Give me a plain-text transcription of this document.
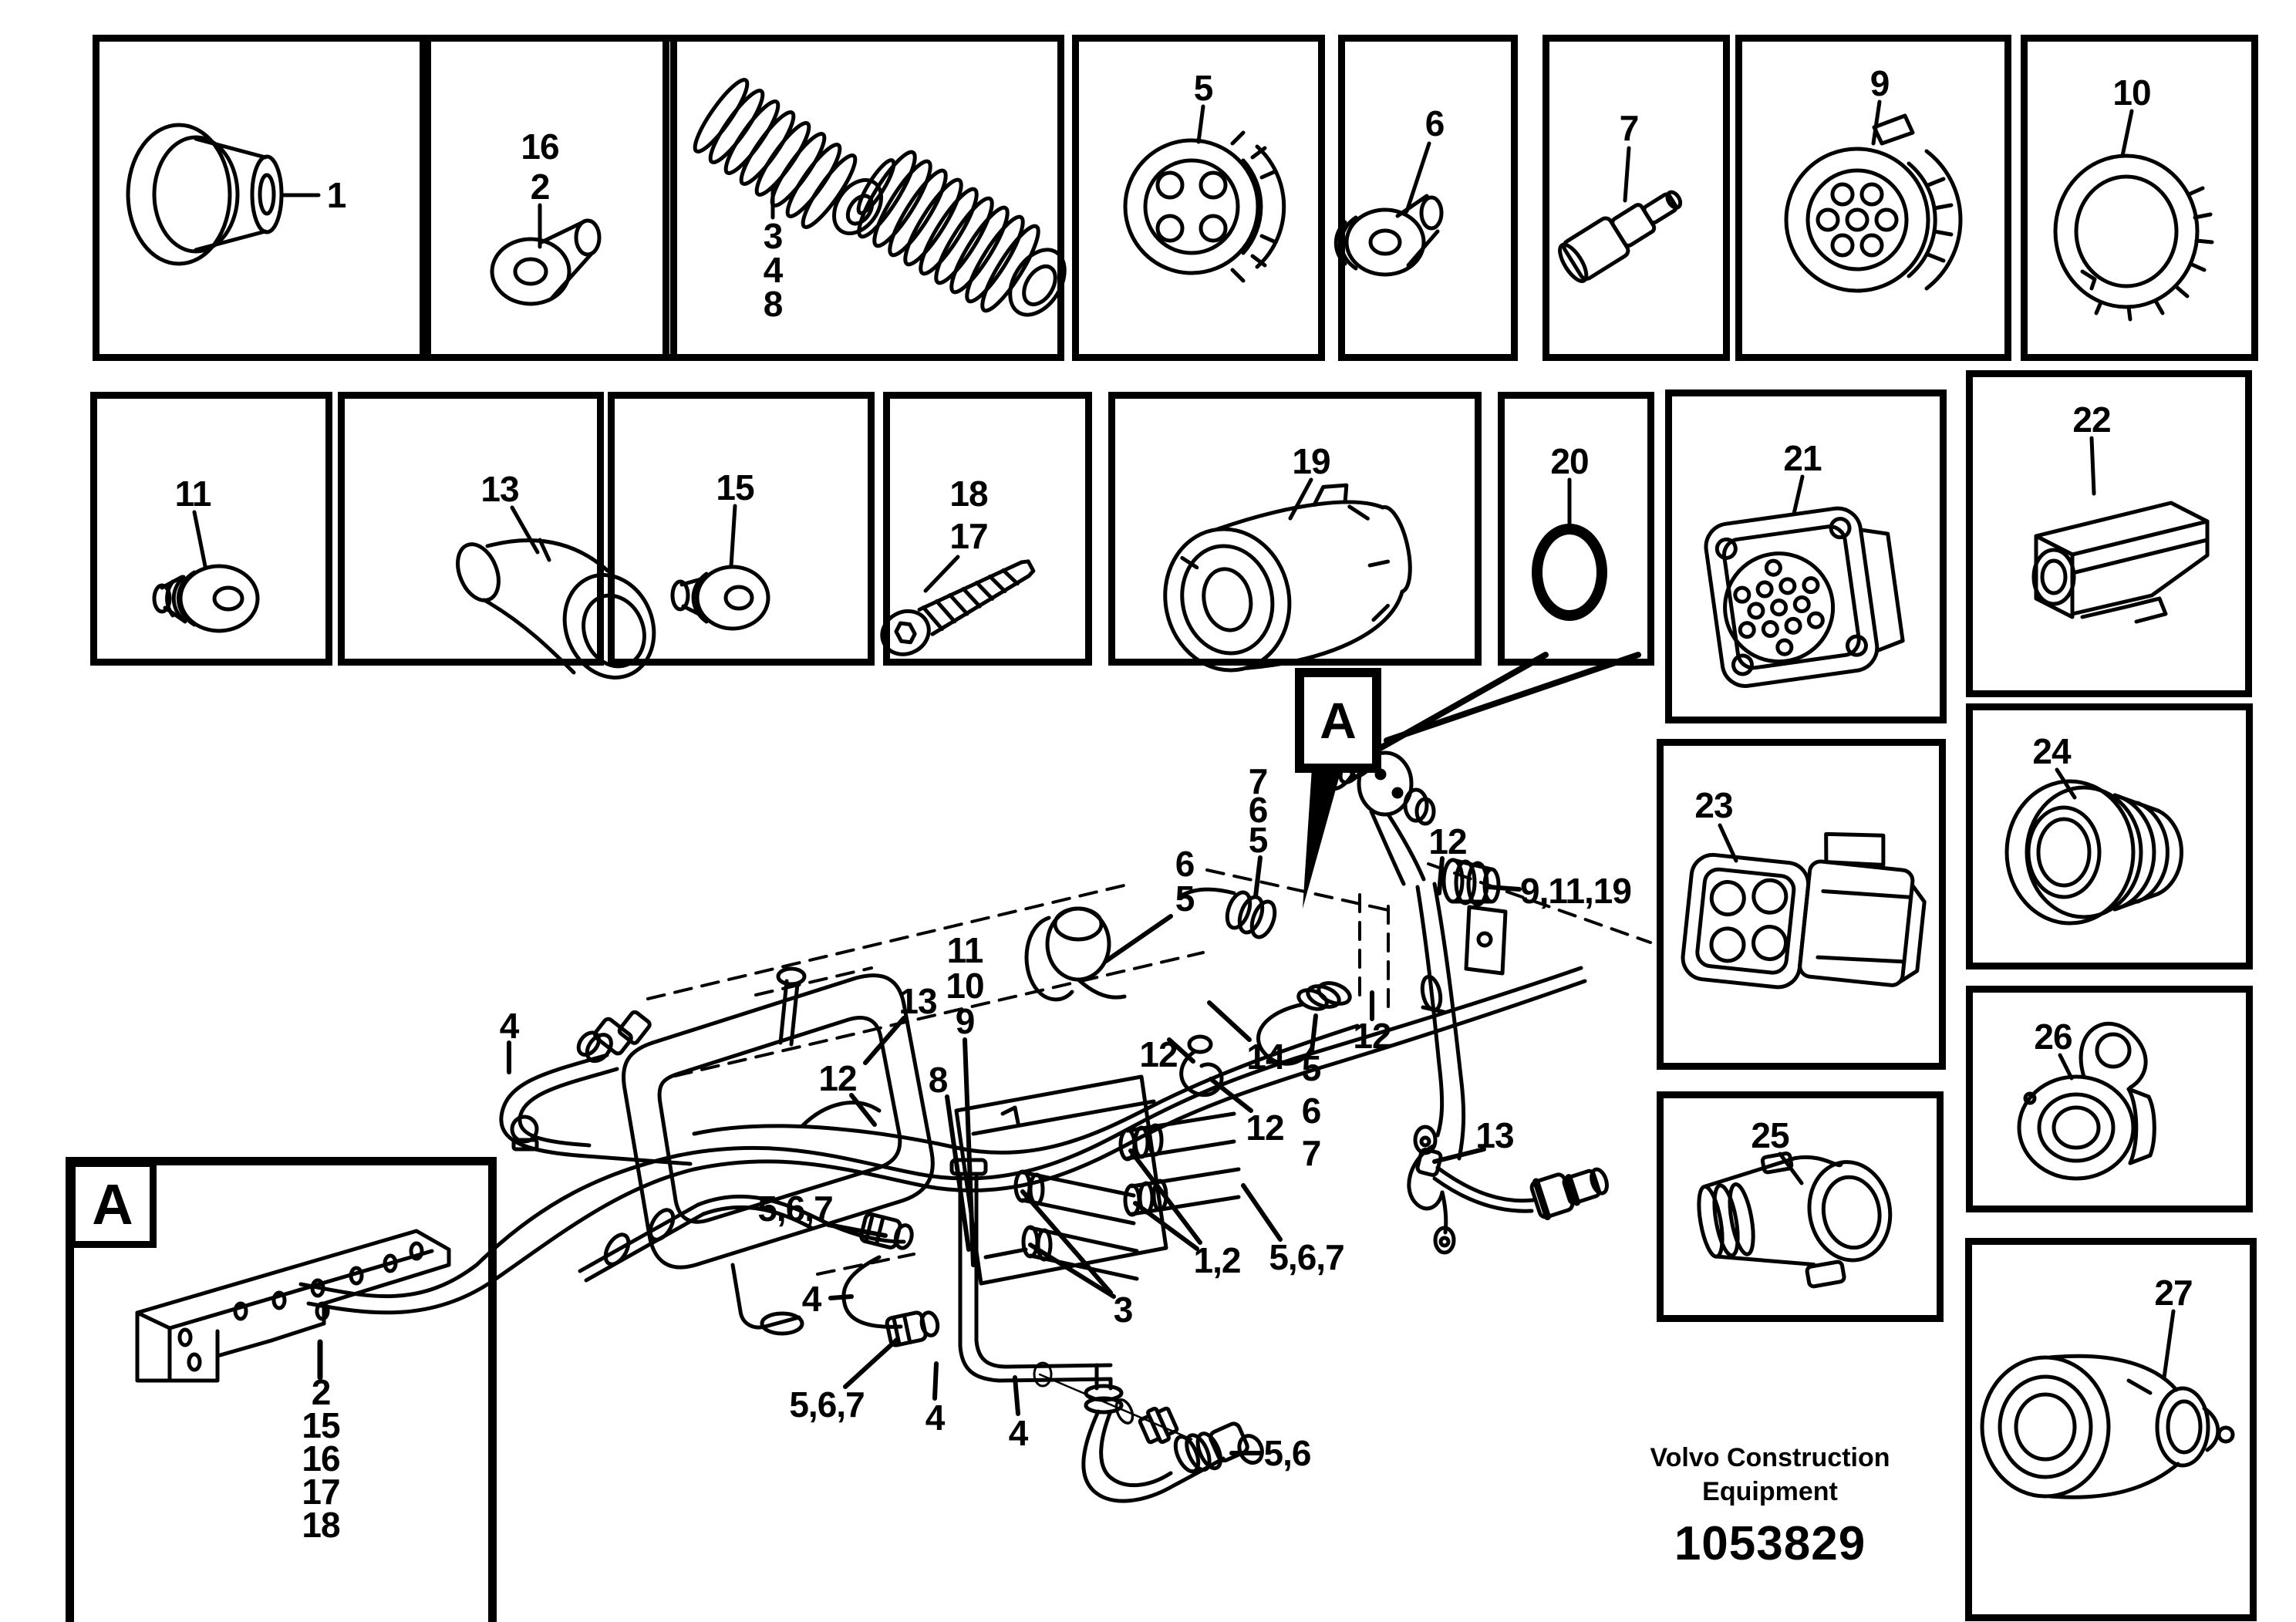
A
A
Volvo Construction
Equipment
1053829
1
16
2
3
4
8
5
6	7
9	10
11	13	15	18
17
19	20	21
22
24
23
26
25
27
2
15
16
17
18
4
13
11
10
9
8
12
7
6
5
6
5
12
9,11,19
12
14 5
6
7
12
12
5,6,7
1,2
3
5,6,7
4
5,6,7 4 4	5,6
13
